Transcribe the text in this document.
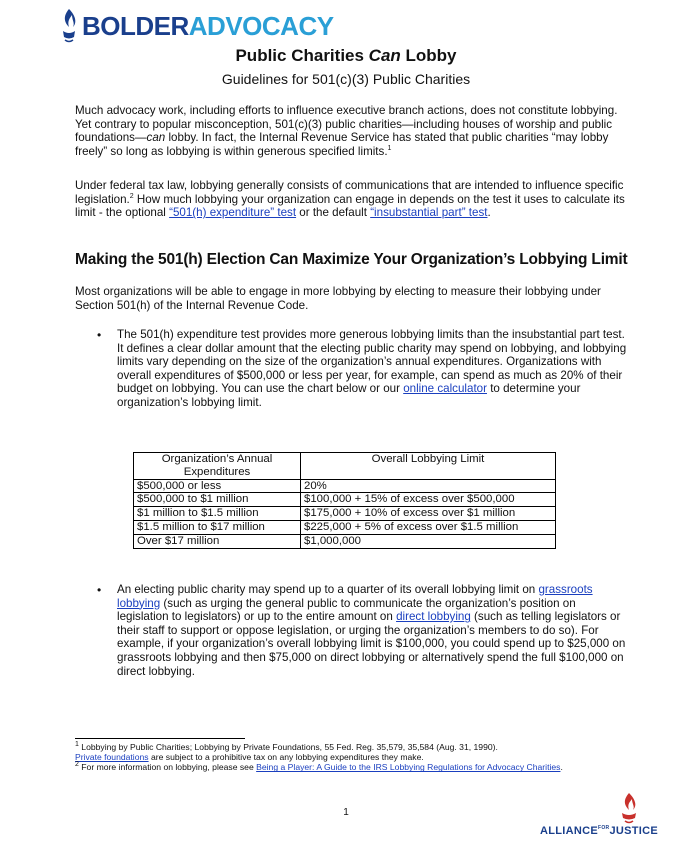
BOLDERADVOCACY
Public Charities Can Lobby
Guidelines for 501(c)(3) Public Charities
Much advocacy work, including efforts to influence executive branch actions, does not constitute lobbying. Yet contrary to popular misconception, 501(c)(3) public charities—including houses of worship and public foundations—can lobby. In fact, the Internal Revenue Service has stated that public charities “may lobby freely” so long as lobbying is within generous specified limits.$^1$
Under federal tax law, lobbying generally consists of communications that are intended to influence specific legislation.$^2$ How much lobbying your organization can engage in depends on the test it uses to calculate its limit - the optional “501(h) expenditure” test or the default “insubstantial part” test.
Making the 501(h) Election Can Maximize Your Organization’s Lobbying Limit
Most organizations will be able to engage in more lobbying by electing to measure their lobbying under Section 501(h) of the Internal Revenue Code.
• The 501(h) expenditure test provides more generous lobbying limits than the insubstantial part test. It defines a clear dollar amount that the electing public charity may spend on lobbying, and lobbying limits vary depending on the size of the organization’s annual expenditures. Organizations with overall expenditures of $500,000 or less per year, for example, can spend as much as 20% of their budget on lobbying. You can use the chart below or our online calculator to determine your organization’s lobbying limit.
Organization’s Annual Expenditures	Overall Lobbying Limit
$500,000 or less	20%
$500,000 to $1 million	$100,000 + 15% of excess over $500,000
$1 million to $1.5 million	$175,000 + 10% of excess over $1 million
$1.5 million to $17 million	$225,000 + 5% of excess over $1.5 million
Over $17 million	$1,000,000
• An electing public charity may spend up to a quarter of its overall lobbying limit on grassroots lobbying (such as urging the general public to communicate the organization’s position on legislation to legislators) or up to the entire amount on direct lobbying (such as telling legislators or their staff to support or oppose legislation, or urging the organization’s members to do so). For example, if your organization’s overall lobbying limit is $100,000, you could spend up to $25,000 on grassroots lobbying and then $75,000 on direct lobbying or alternatively spend the full $100,000 on direct lobbying.
$^1$ Lobbying by Public Charities; Lobbying by Private Foundations, 55 Fed. Reg. 35,579, 35,584 (Aug. 31, 1990).
Private foundations are subject to a prohibitive tax on any lobbying expenditures they make.
$^2$ For more information on lobbying, please see Being a Player: A Guide to the IRS Lobbying Regulations for Advocacy Charities.
1
$ALLIANCE^{FOR}JUSTICE$
